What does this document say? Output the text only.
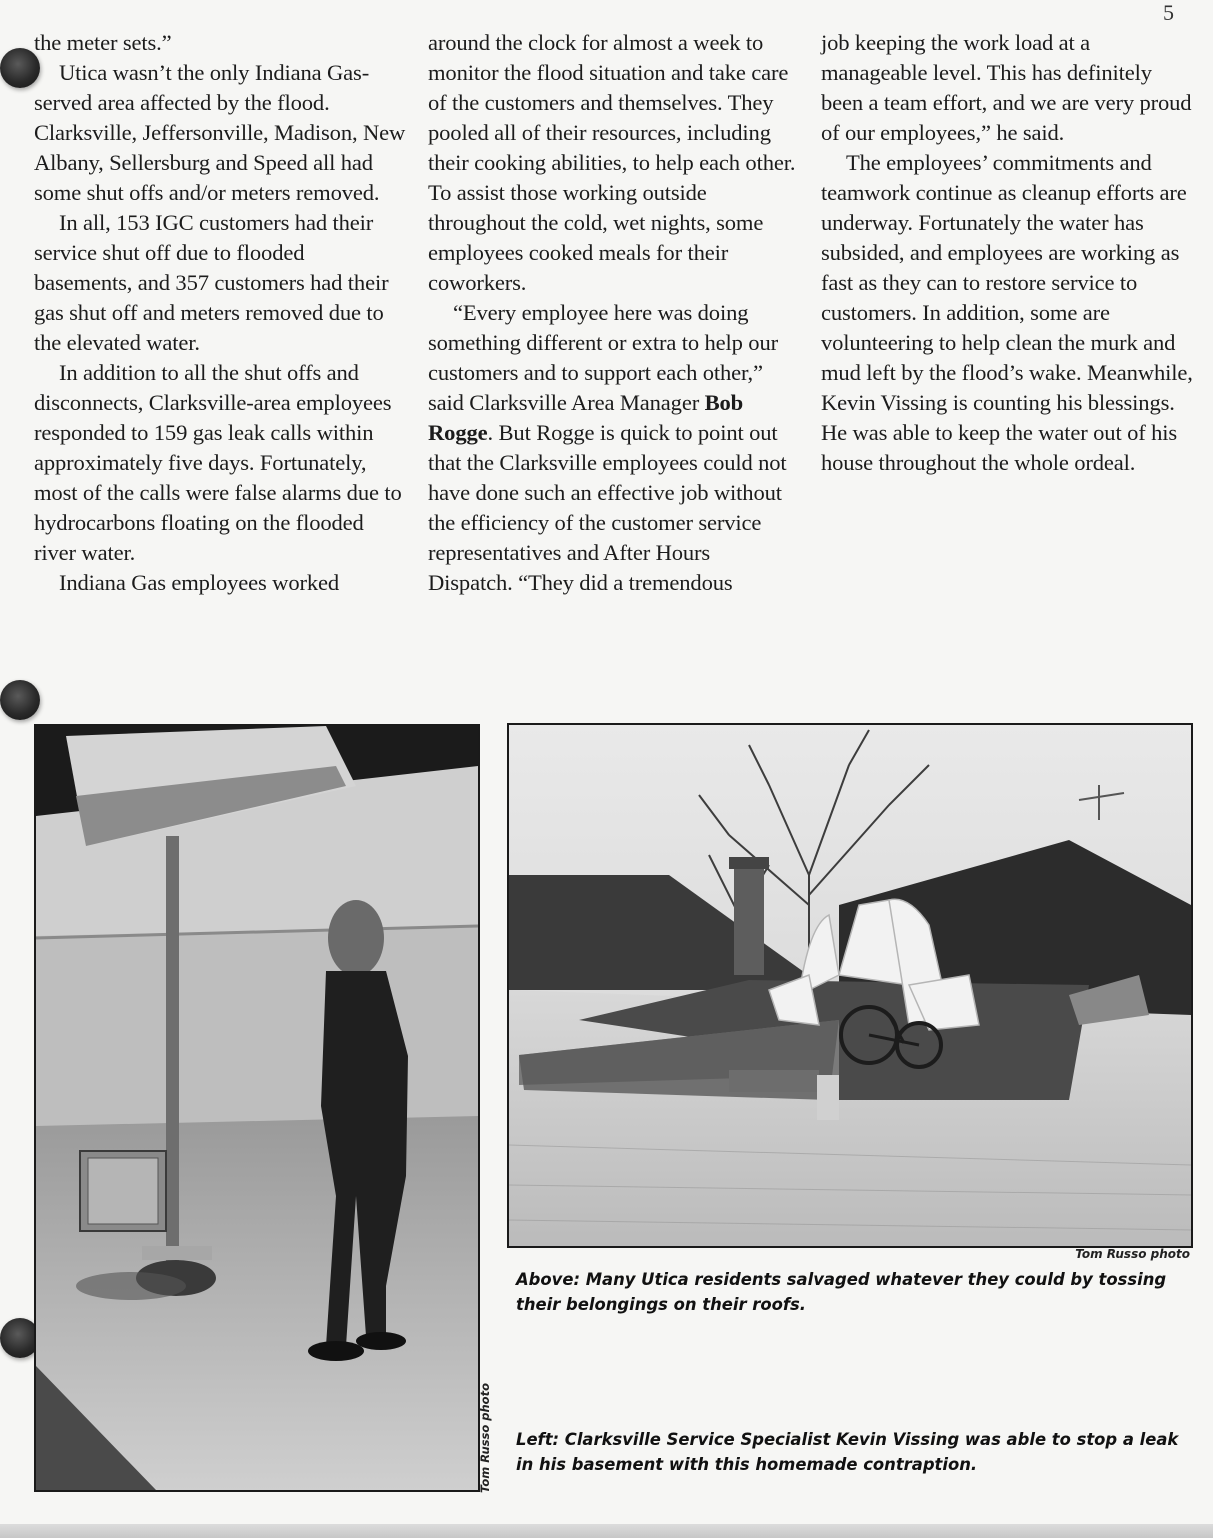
5

the meter sets.”

Utica wasn’t the only Indiana Gas-served area affected by the flood. Clarksville, Jeffersonville, Madison, New Albany, Sellersburg and Speed all had some shut offs and/or meters removed.

In all, 153 IGC customers had their service shut off due to flooded basements, and 357 customers had their gas shut off and meters removed due to the elevated water.

In addition to all the shut offs and disconnects, Clarksville-area employees responded to 159 gas leak calls within approximately five days. Fortunately, most of the calls were false alarms due to hydrocarbons floating on the flooded river water.

Indiana Gas employees worked

around the clock for almost a week to monitor the flood situation and take care of the customers and themselves. They pooled all of their resources, including their cooking abilities, to help each other. To assist those working outside throughout the cold, wet nights, some employees cooked meals for their coworkers.

“Every employee here was doing something different or extra to help our customers and to support each other,” said Clarksville Area Manager Bob Rogge. But Rogge is quick to point out that the Clarksville employees could not have done such an effective job without the efficiency of the customer service representatives and After Hours Dispatch. “They did a tremendous

job keeping the work load at a manageable level. This has definitely been a team effort, and we are very proud of our employees,” he said.

The employees’ commitments and teamwork continue as cleanup efforts are underway. Fortunately the water has subsided, and employees are working as fast as they can to restore service to customers. In addition, some are volunteering to help clean the murk and mud left by the flood’s wake. Meanwhile, Kevin Vissing is counting his blessings. He was able to keep the water out of his house throughout the whole ordeal.

Tom Russo photo
Tom Russo photo
Above: Many Utica residents salvaged whatever they could by tossing their belongings on their roofs.
Left: Clarksville Service Specialist Kevin Vissing was able to stop a leak in his basement with this homemade contraption.
